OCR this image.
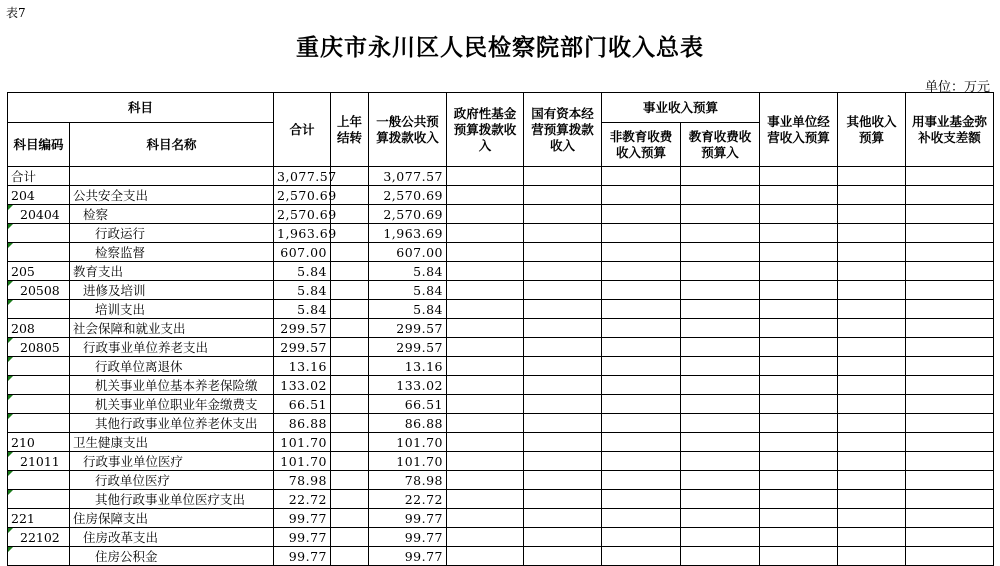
表7
重庆市永川区人民检察院部门收入总表
单位：万元
科目		合计	上年结转	一般公共预算拨款收入	政府性基金预算拨款收入	国有资本经营预算拨款收入	事业收入预算		事业单位经营收入预算	其他收入预算	用事业基金弥补收支差额
科目编码	科目名称						非教育收费收入预算	教育收费收预算入			
合计		3,077.57		3,077.57							
204	公共安全支出	2,570.69		2,570.69							
20404	检察	2,570.69		2,570.69							
	行政运行	1,963.69		1,963.69							
	检察监督	607.00		607.00							
205	教育支出	5.84		5.84							
20508	进修及培训	5.84		5.84							
	培训支出	5.84		5.84							
208	社会保障和就业支出	299.57		299.57							
20805	行政事业单位养老支出	299.57		299.57							
	行政单位离退休	13.16		13.16							
	机关事业单位基本养老保险缴	133.02		133.02							
	机关事业单位职业年金缴费支	66.51		66.51							
	其他行政事业单位养老休支出	86.88		86.88							
210	卫生健康支出	101.70		101.70							
21011	行政事业单位医疗	101.70		101.70							
	行政单位医疗	78.98		78.98							
	其他行政事业单位医疗支出	22.72		22.72							
221	住房保障支出	99.77		99.77							
22102	住房改革支出	99.77		99.77							
	住房公积金	99.77		99.77							
